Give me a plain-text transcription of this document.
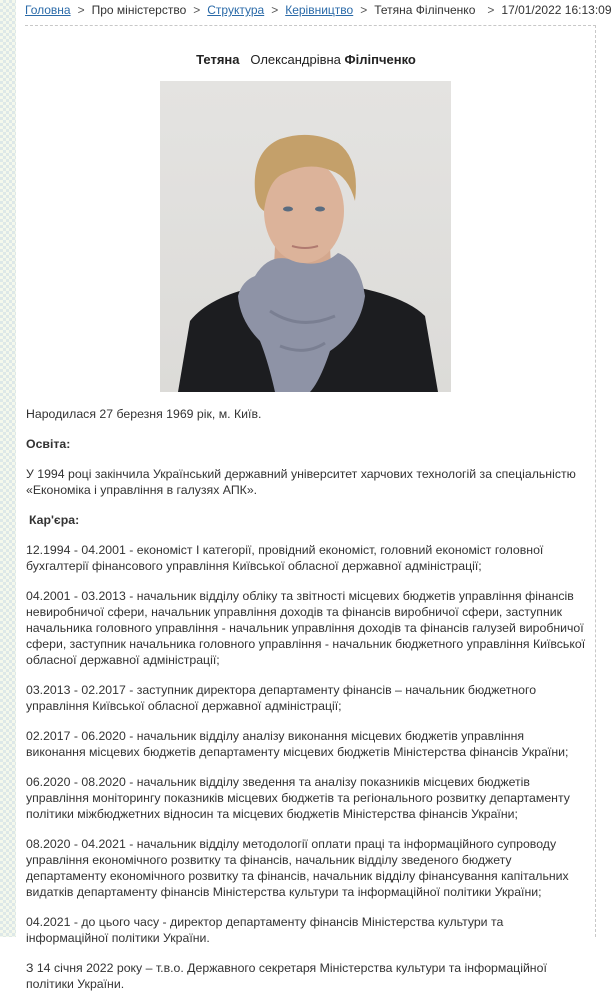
Головна > Про міністерство > Структура > Керівництво > Тетяна Філіпченко > 17/01/2022 16:13:09
Тетяна Олександрівна Філіпченко

Народилася 27 березня 1969 рік, м. Київ.

Освіта:

У 1994 році закінчила Український державний університет харчових технологій за спеціальністю
«Економіка і управління в галузях АПК».

Кар'єра:

12.1994 - 04.2001 - економіст I категорії, провідний економіст, головний економіст головної бухгалтерії фінансового управління Київської обласної державної адміністрації;

04.2001 - 03.2013 - начальник відділу обліку та звітності місцевих бюджетів управління фінансів невиробничої сфери, начальник управління доходів та фінансів виробничої сфери, заступник начальника головного управління - начальник управління доходів та фінансів галузей виробничої сфери, заступник начальника головного управління - начальник бюджетного управління Київської обласної державної адміністрації;

03.2013 - 02.2017 - заступник директора департаменту фінансів – начальник бюджетного управління Київської обласної державної адміністрації;

02.2017 - 06.2020 - начальник відділу аналізу виконання місцевих бюджетів управління виконання місцевих бюджетів департаменту місцевих бюджетів Міністерства фінансів України;

06.2020 - 08.2020 - начальник відділу зведення та аналізу показників місцевих бюджетів управління моніторингу показників місцевих бюджетів та регіонального розвитку департаменту політики міжбюджетних відносин та місцевих бюджетів Міністерства фінансів України;

08.2020 - 04.2021 - начальник відділу методології оплати праці та інформаційного супроводу управління економічного розвитку та фінансів, начальник відділу зведеного бюджету департаменту економічного розвитку та фінансів, начальник відділу фінансування капітальних видатків департаменту фінансів Міністерства культури та інформаційної політики України;

04.2021 - до цього часу - директор департаменту фінансів Міністерства культури та інформаційної політики України.

З 14 січня 2022 року – т.в.о. Державного секретаря Міністерства культури та інформаційної політики України.
